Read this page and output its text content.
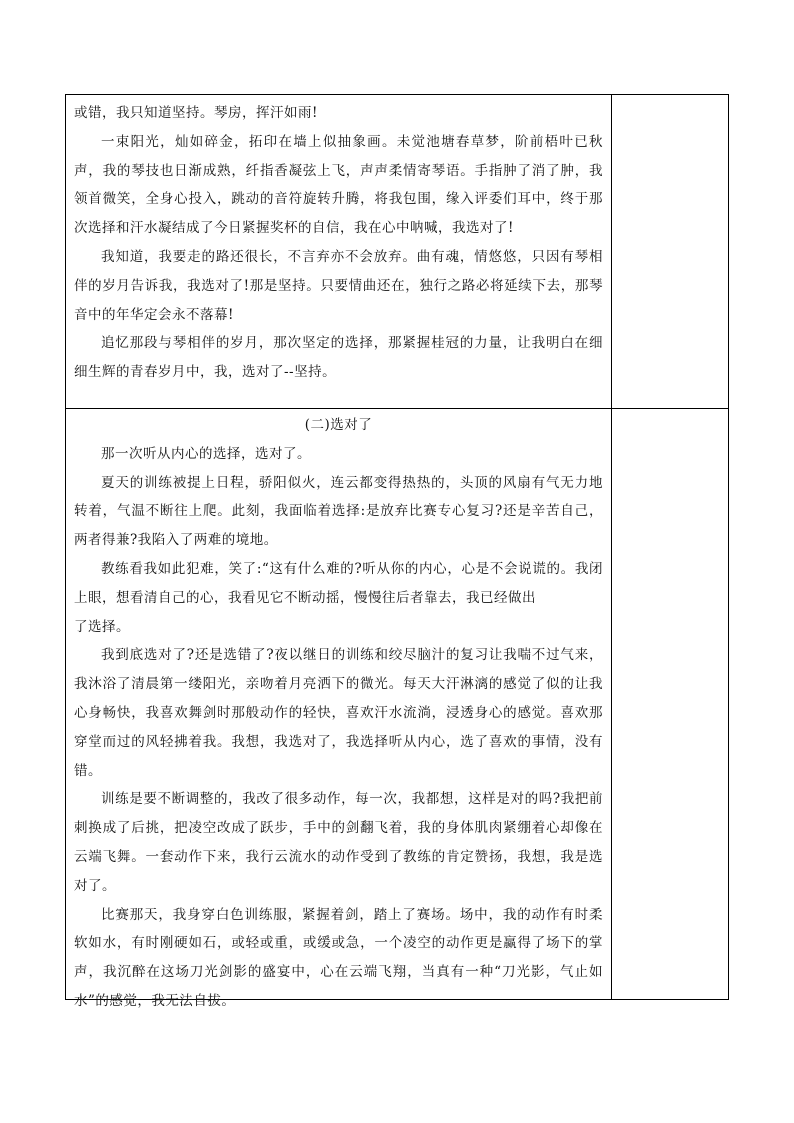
或错，我只知道坚持。琴房，挥汗如雨!

一束阳光，灿如碎金，拓印在墙上似抽象画。未觉池塘春草梦，阶前梧叶已秋声，我的琴技也日渐成熟，纤指香凝弦上飞，声声柔情寄琴语。手指肿了消了肿，我领首微笑，全身心投入，跳动的音符旋转升腾，将我包围，缘入评委们耳中，终于那次选择和汗水凝结成了今日紧握奖杯的自信，我在心中呐喊，我选对了!

我知道，我要走的路还很长，不言弃亦不会放弃。曲有魂，情悠悠，只因有琴相伴的岁月告诉我，我选对了!那是坚持。只要情曲还在，独行之路必将延续下去，那琴音中的年华定会永不落幕!

追忆那段与琴相伴的岁月，那次坚定的选择，那紧握桂冠的力量，让我明白在细细生辉的青春岁月中，我，选对了--坚持。

(二)选对了

那一次听从内心的选择，选对了。

夏天的训练被提上日程，骄阳似火，连云都变得热热的，头顶的风扇有气无力地转着，气温不断往上爬。此刻，我面临着选择:是放弃比赛专心复习?还是辛苦自己，两者得兼?我陷入了两难的境地。

教练看我如此犯难，笑了:“这有什么难的?听从你的内心，心是不会说谎的。我闭上眼，想看清自己的心，我看见它不断动摇，慢慢往后者靠去，我已经做出

了选择。

我到底选对了?还是选错了?夜以继日的训练和绞尽脑汁的复习让我喘不过气来，我沐浴了清晨第一缕阳光，亲吻着月亮洒下的微光。每天大汗淋漓的感觉了似的让我心身畅快，我喜欢舞剑时那般动作的轻快，喜欢汗水流淌，浸透身心的感觉。喜欢那穿堂而过的风轻拂着我。我想，我选对了，我选择听从内心，选了喜欢的事情，没有错。

训练是要不断调整的，我改了很多动作，每一次，我都想，这样是对的吗?我把前刺换成了后挑，把凌空改成了跃步，手中的剑翻飞着，我的身体肌肉紧绷着心却像在云端飞舞。一套动作下来，我行云流水的动作受到了教练的肯定赞扬，我想，我是选对了。

比赛那天，我身穿白色训练服，紧握着剑，踏上了赛场。场中，我的动作有时柔软如水，有时刚硬如石，或轻或重，或缓或急，一个凌空的动作更是赢得了场下的掌声，我沉醉在这场刀光剑影的盛宴中，心在云端飞翔，当真有一种“刀光影，气止如水”的感觉，我无法自拔。
